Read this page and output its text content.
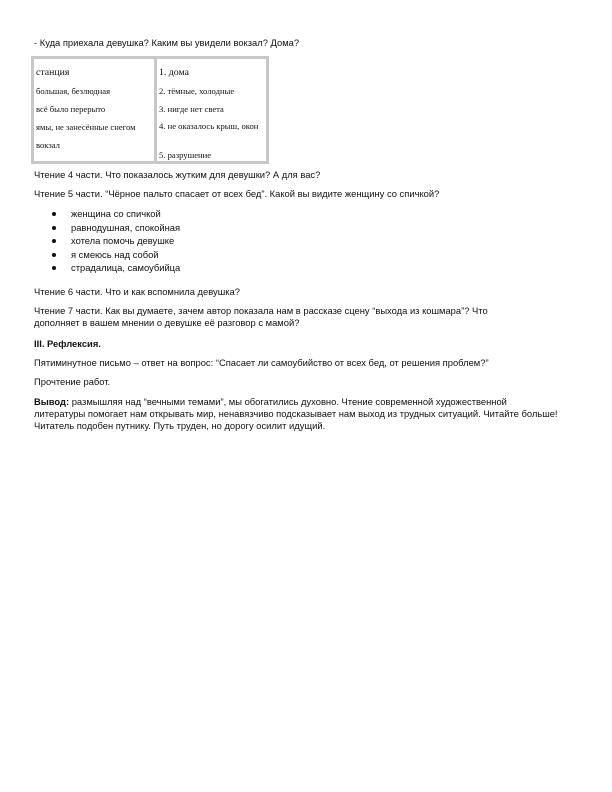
- Куда приехала девушка? Каким вы увидели вокзал? Дома?

станция
большая, безлюдная
всё было перерыто
ямы, не занесённые снегом
вокзал
1. дома
2. тёмные, холодные
3. нигде нет света
4. не оказалось крыш, окон
5. разрушение

Чтение 4 части. Что показалось жутким для девушки? А для вас?

Чтение 5 части. “Чёрное пальто спасает от всех бед”. Какой вы видите женщину со спичкой?

женщина со спичкой
равнодушная, спокойная
хотела помочь девушке
я смеюсь над собой
страдалица, самоубийца

Чтение 6 части. Что и как вспомнила девушка?

Чтение 7 части. Как вы думаете, зачем автор показала нам в рассказе сцену “выхода из кошмара”? Что дополняет в вашем мнении о девушке её разговор с мамой?

III. Рефлексия.

Пятиминутное письмо – ответ на вопрос: “Спасает ли самоубийство от всех бед, от решения проблем?”

Прочтение работ.

Вывод: размышляя над “вечными темами”, мы обогатились духовно. Чтение современной художественной литературы помогает нам открывать мир, ненавязчиво подсказывает нам выход из трудных ситуаций. Читайте больше! Читатель подобен путнику. Путь труден, но дорогу осилит идущий.
